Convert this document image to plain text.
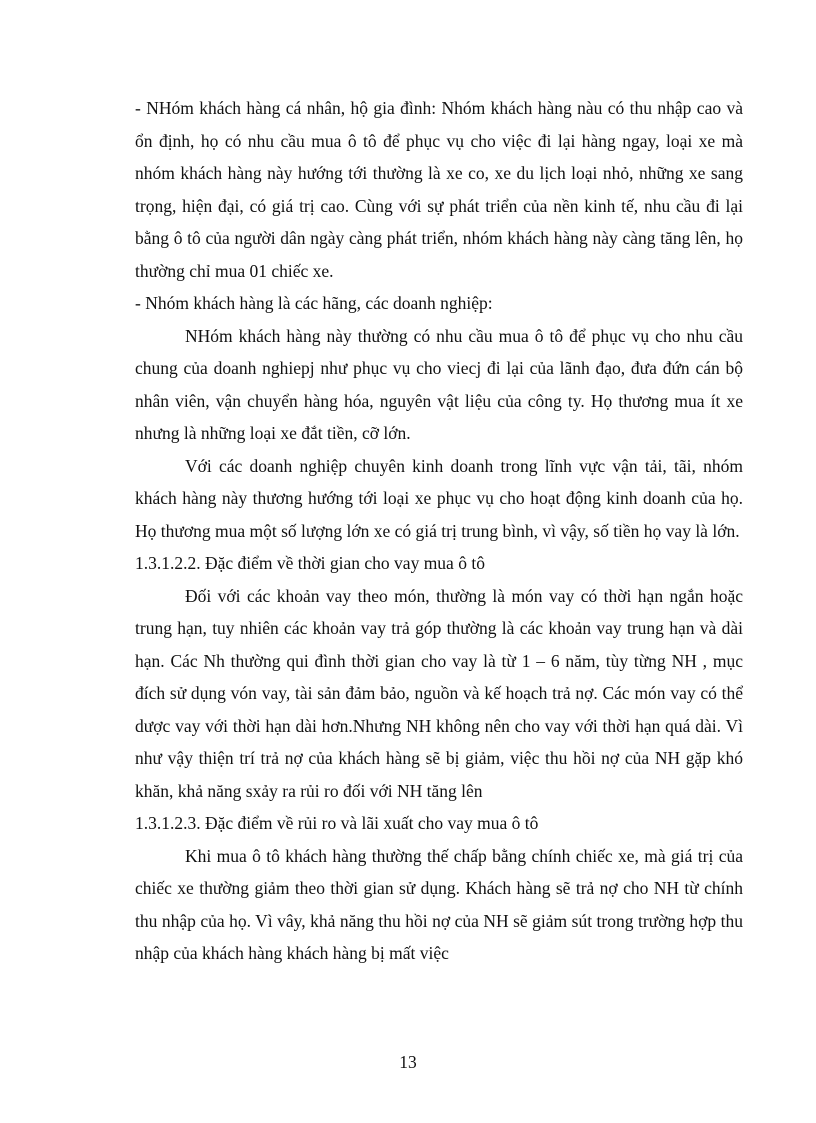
- NHóm khách hàng cá nhân, hộ gia đình: Nhóm khách hàng nàu có thu nhập cao và ổn định, họ có nhu cầu mua ô tô để phục vụ cho việc đi lại hàng ngay, loại xe mà nhóm khách hàng này hướng tới thường là xe co, xe du lịch loại nhỏ, những xe sang trọng, hiện đại, có giá trị cao. Cùng với sự phát triển của nền kinh tế, nhu cầu đi lại bằng ô tô của người dân ngày càng phát triển, nhóm khách hàng này càng tăng lên, họ thường chỉ mua 01 chiếc xe.

- Nhóm khách hàng là các hãng, các doanh nghiệp:

NHóm khách hàng này thường có nhu cầu mua ô tô để phục vụ cho nhu cầu chung của doanh nghiepj như phục vụ cho viecj đi lại của lãnh đạo, đưa đứn cán bộ nhân viên, vận chuyển hàng hóa, nguyên vật liệu của công ty. Họ thương mua ít xe nhưng là những loại xe đắt tiền, cỡ lớn.

Với các doanh nghiệp chuyên kinh doanh trong lĩnh vực vận tải, tãi, nhóm khách hàng này thương hướng tới loại xe phục vụ cho hoạt động kinh doanh của họ. Họ thương mua một số lượng lớn xe có giá trị trung bình, vì vậy, số tiền họ vay là lớn.

1.3.1.2.2. Đặc điểm về thời gian cho vay mua ô tô

Đối với các khoản vay theo món, thường là món vay có thời hạn ngắn hoặc trung hạn, tuy nhiên các khoản vay trả góp thường là các khoản vay trung hạn và dài hạn. Các Nh thường qui đình thời gian cho vay là từ 1 – 6 năm, tùy từng NH , mục đích sử dụng vón vay, tài sản đảm bảo, nguồn và kế hoạch trả nợ. Các món vay có thể dược vay với thời hạn dài hơn.Nhưng NH không nên cho vay với thời hạn quá dài. Vì như vậy thiện trí trả nợ của khách hàng sẽ bị giảm, việc thu hồi nợ của NH gặp khó khăn, khả năng sxảy ra rủi ro đối với NH tăng lên

1.3.1.2.3. Đặc điểm về rủi ro và lãi xuất cho vay mua ô tô

Khi mua ô tô khách hàng thường thế chấp bằng chính chiếc xe, mà giá trị của chiếc xe thường giảm theo thời gian sử dụng. Khách hàng sẽ trả nợ cho NH từ chính thu nhập của họ. Vì vây, khả năng thu hồi nợ của NH sẽ giảm sút trong trường hợp thu nhập của khách hàng khách hàng bị mất việc

13
